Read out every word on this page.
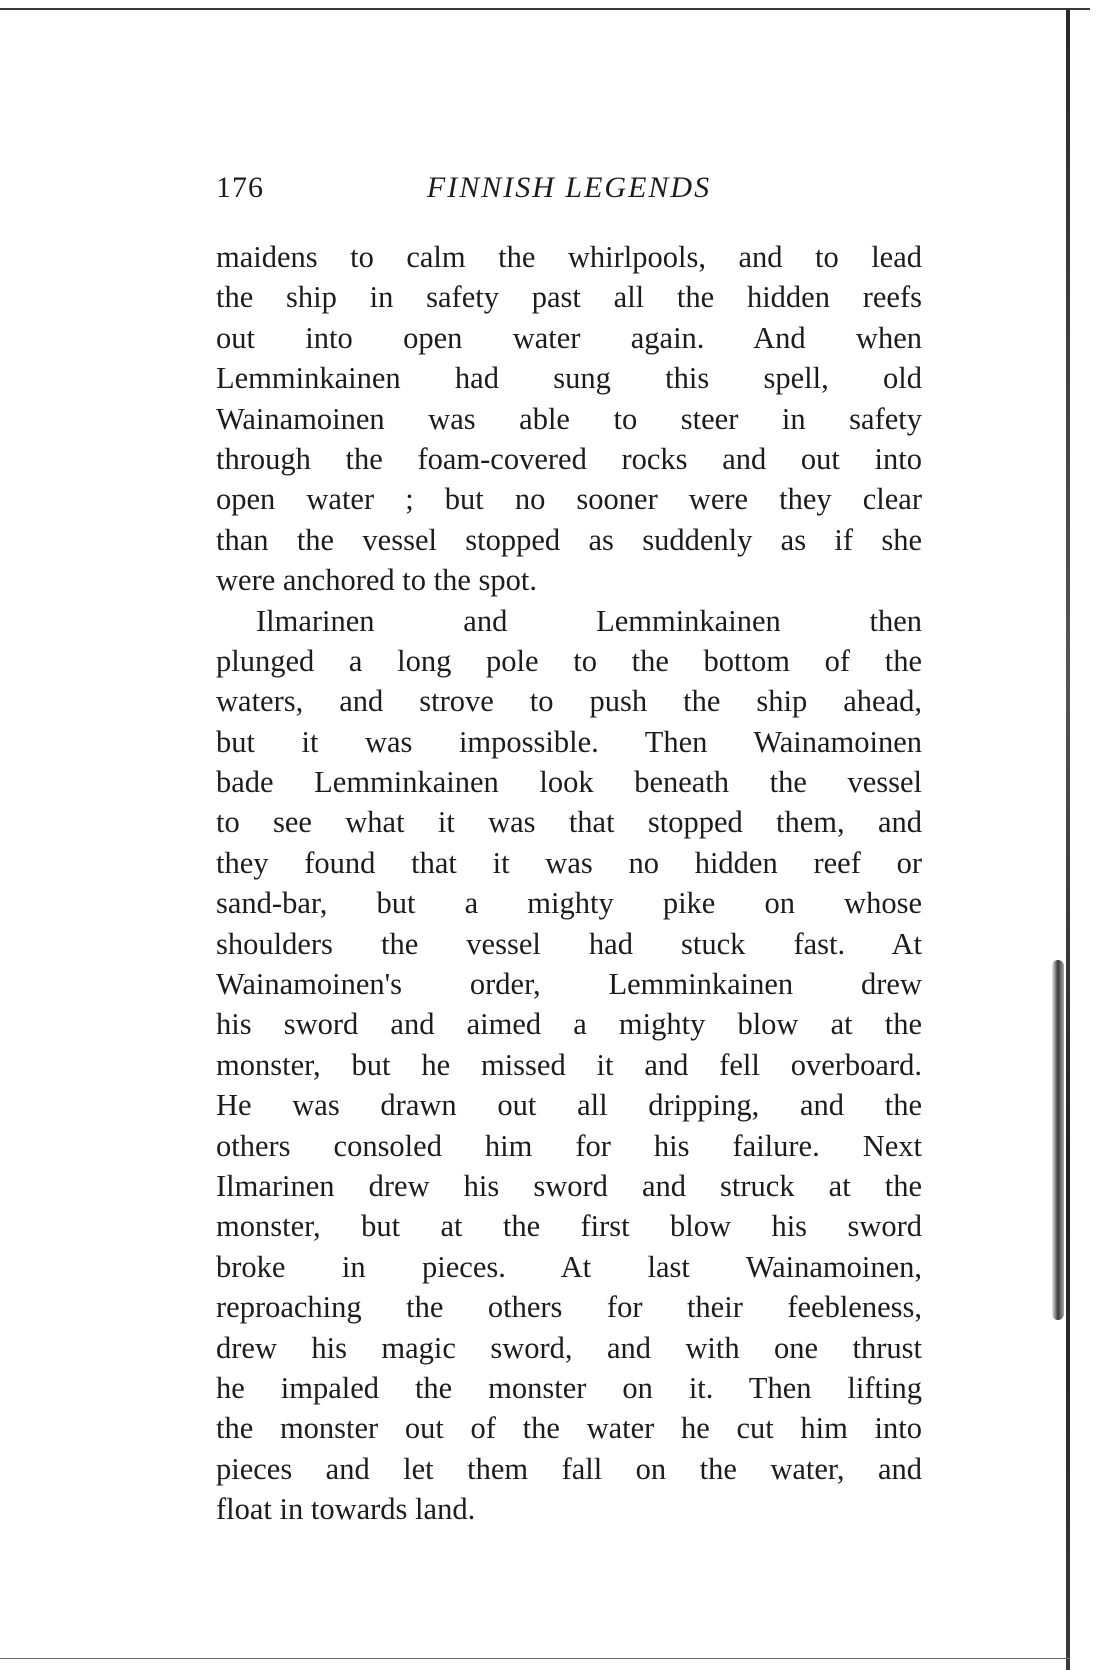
176	FINNISH LEGENDS
maidens to calm the whirlpools, and to lead
the ship in safety past all the hidden reefs
out into open water again. And when
Lemminkainen had sung this spell, old
Wainamoinen was able to steer in safety
through the foam-covered rocks and out into
open water ; but no sooner were they clear
than the vessel stopped as suddenly as if she
were anchored to the spot.
Ilmarinen and Lemminkainen then
plunged a long pole to the bottom of the
waters, and strove to push the ship ahead,
but it was impossible. Then Wainamoinen
bade Lemminkainen look beneath the vessel
to see what it was that stopped them, and
they found that it was no hidden reef or
sand-bar, but a mighty pike on whose
shoulders the vessel had stuck fast. At
Wainamoinen's order, Lemminkainen drew
his sword and aimed a mighty blow at the
monster, but he missed it and fell overboard.
He was drawn out all dripping, and the
others consoled him for his failure. Next
Ilmarinen drew his sword and struck at the
monster, but at the first blow his sword
broke in pieces. At last Wainamoinen,
reproaching the others for their feebleness,
drew his magic sword, and with one thrust
he impaled the monster on it. Then lifting
the monster out of the water he cut him into
pieces and let them fall on the water, and
float in towards land.
